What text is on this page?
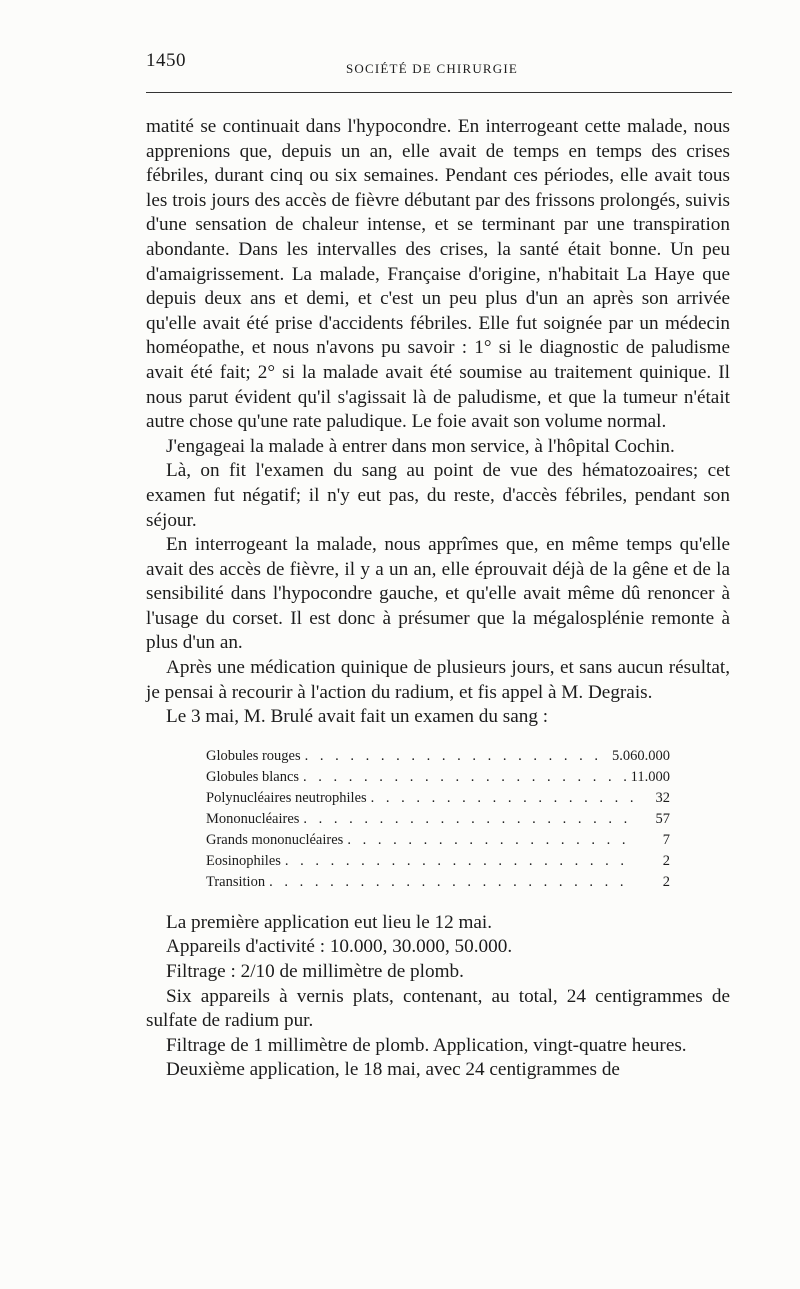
1450	SOCIÉTÉ DE CHIRURGIE

matité se continuait dans l'hypocondre. En interrogeant cette malade, nous apprenions que, depuis un an, elle avait de temps en temps des crises fébriles, durant cinq ou six semaines. Pendant ces périodes, elle avait tous les trois jours des accès de fièvre débutant par des frissons prolongés, suivis d'une sensation de chaleur intense, et se terminant par une transpiration abondante. Dans les intervalles des crises, la santé était bonne. Un peu d'amaigrissement. La malade, Française d'origine, n'habitait La Haye que depuis deux ans et demi, et c'est un peu plus d'un an après son arrivée qu'elle avait été prise d'accidents fébriles. Elle fut soignée par un médecin homéopathe, et nous n'avons pu savoir : 1° si le diagnostic de paludisme avait été fait; 2° si la malade avait été soumise au traitement quinique. Il nous parut évident qu'il s'agissait là de paludisme, et que la tumeur n'était autre chose qu'une rate paludique. Le foie avait son volume normal.

J'engageai la malade à entrer dans mon service, à l'hôpital Cochin.

Là, on fit l'examen du sang au point de vue des hématozoaires; cet examen fut négatif; il n'y eut pas, du reste, d'accès fébriles, pendant son séjour.

En interrogeant la malade, nous apprîmes que, en même temps qu'elle avait des accès de fièvre, il y a un an, elle éprouvait déjà de la gêne et de la sensibilité dans l'hypocondre gauche, et qu'elle avait même dû renoncer à l'usage du corset. Il est donc à présumer que la mégalosplénie remonte à plus d'un an.

Après une médication quinique de plusieurs jours, et sans aucun résultat, je pensai à recourir à l'action du radium, et fis appel à M. Degrais.

Le 3 mai, M. Brulé avait fait un examen du sang :

Globules rouges . . .	5.060.000
Globules blancs . . .	11.000
Polynucléaires neutrophiles . . .	32
Mononucléaires . . .	57
Grands mononucléaires . . .	7
Eosinophiles . . .	2
Transition . . .	2

La première application eut lieu le 12 mai.

Appareils d'activité : 10.000, 30.000, 50.000.

Filtrage : 2/10 de millimètre de plomb.

Six appareils à vernis plats, contenant, au total, 24 centigrammes de sulfate de radium pur.

Filtrage de 1 millimètre de plomb. Application, vingt-quatre heures.

Deuxième application, le 18 mai, avec 24 centigrammes de
